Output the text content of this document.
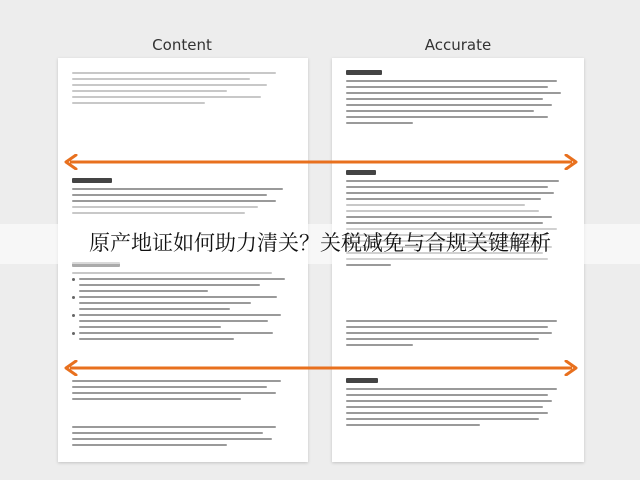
Content	Accurate
原产地证如何助力清关？关税减免与合规关键解析
